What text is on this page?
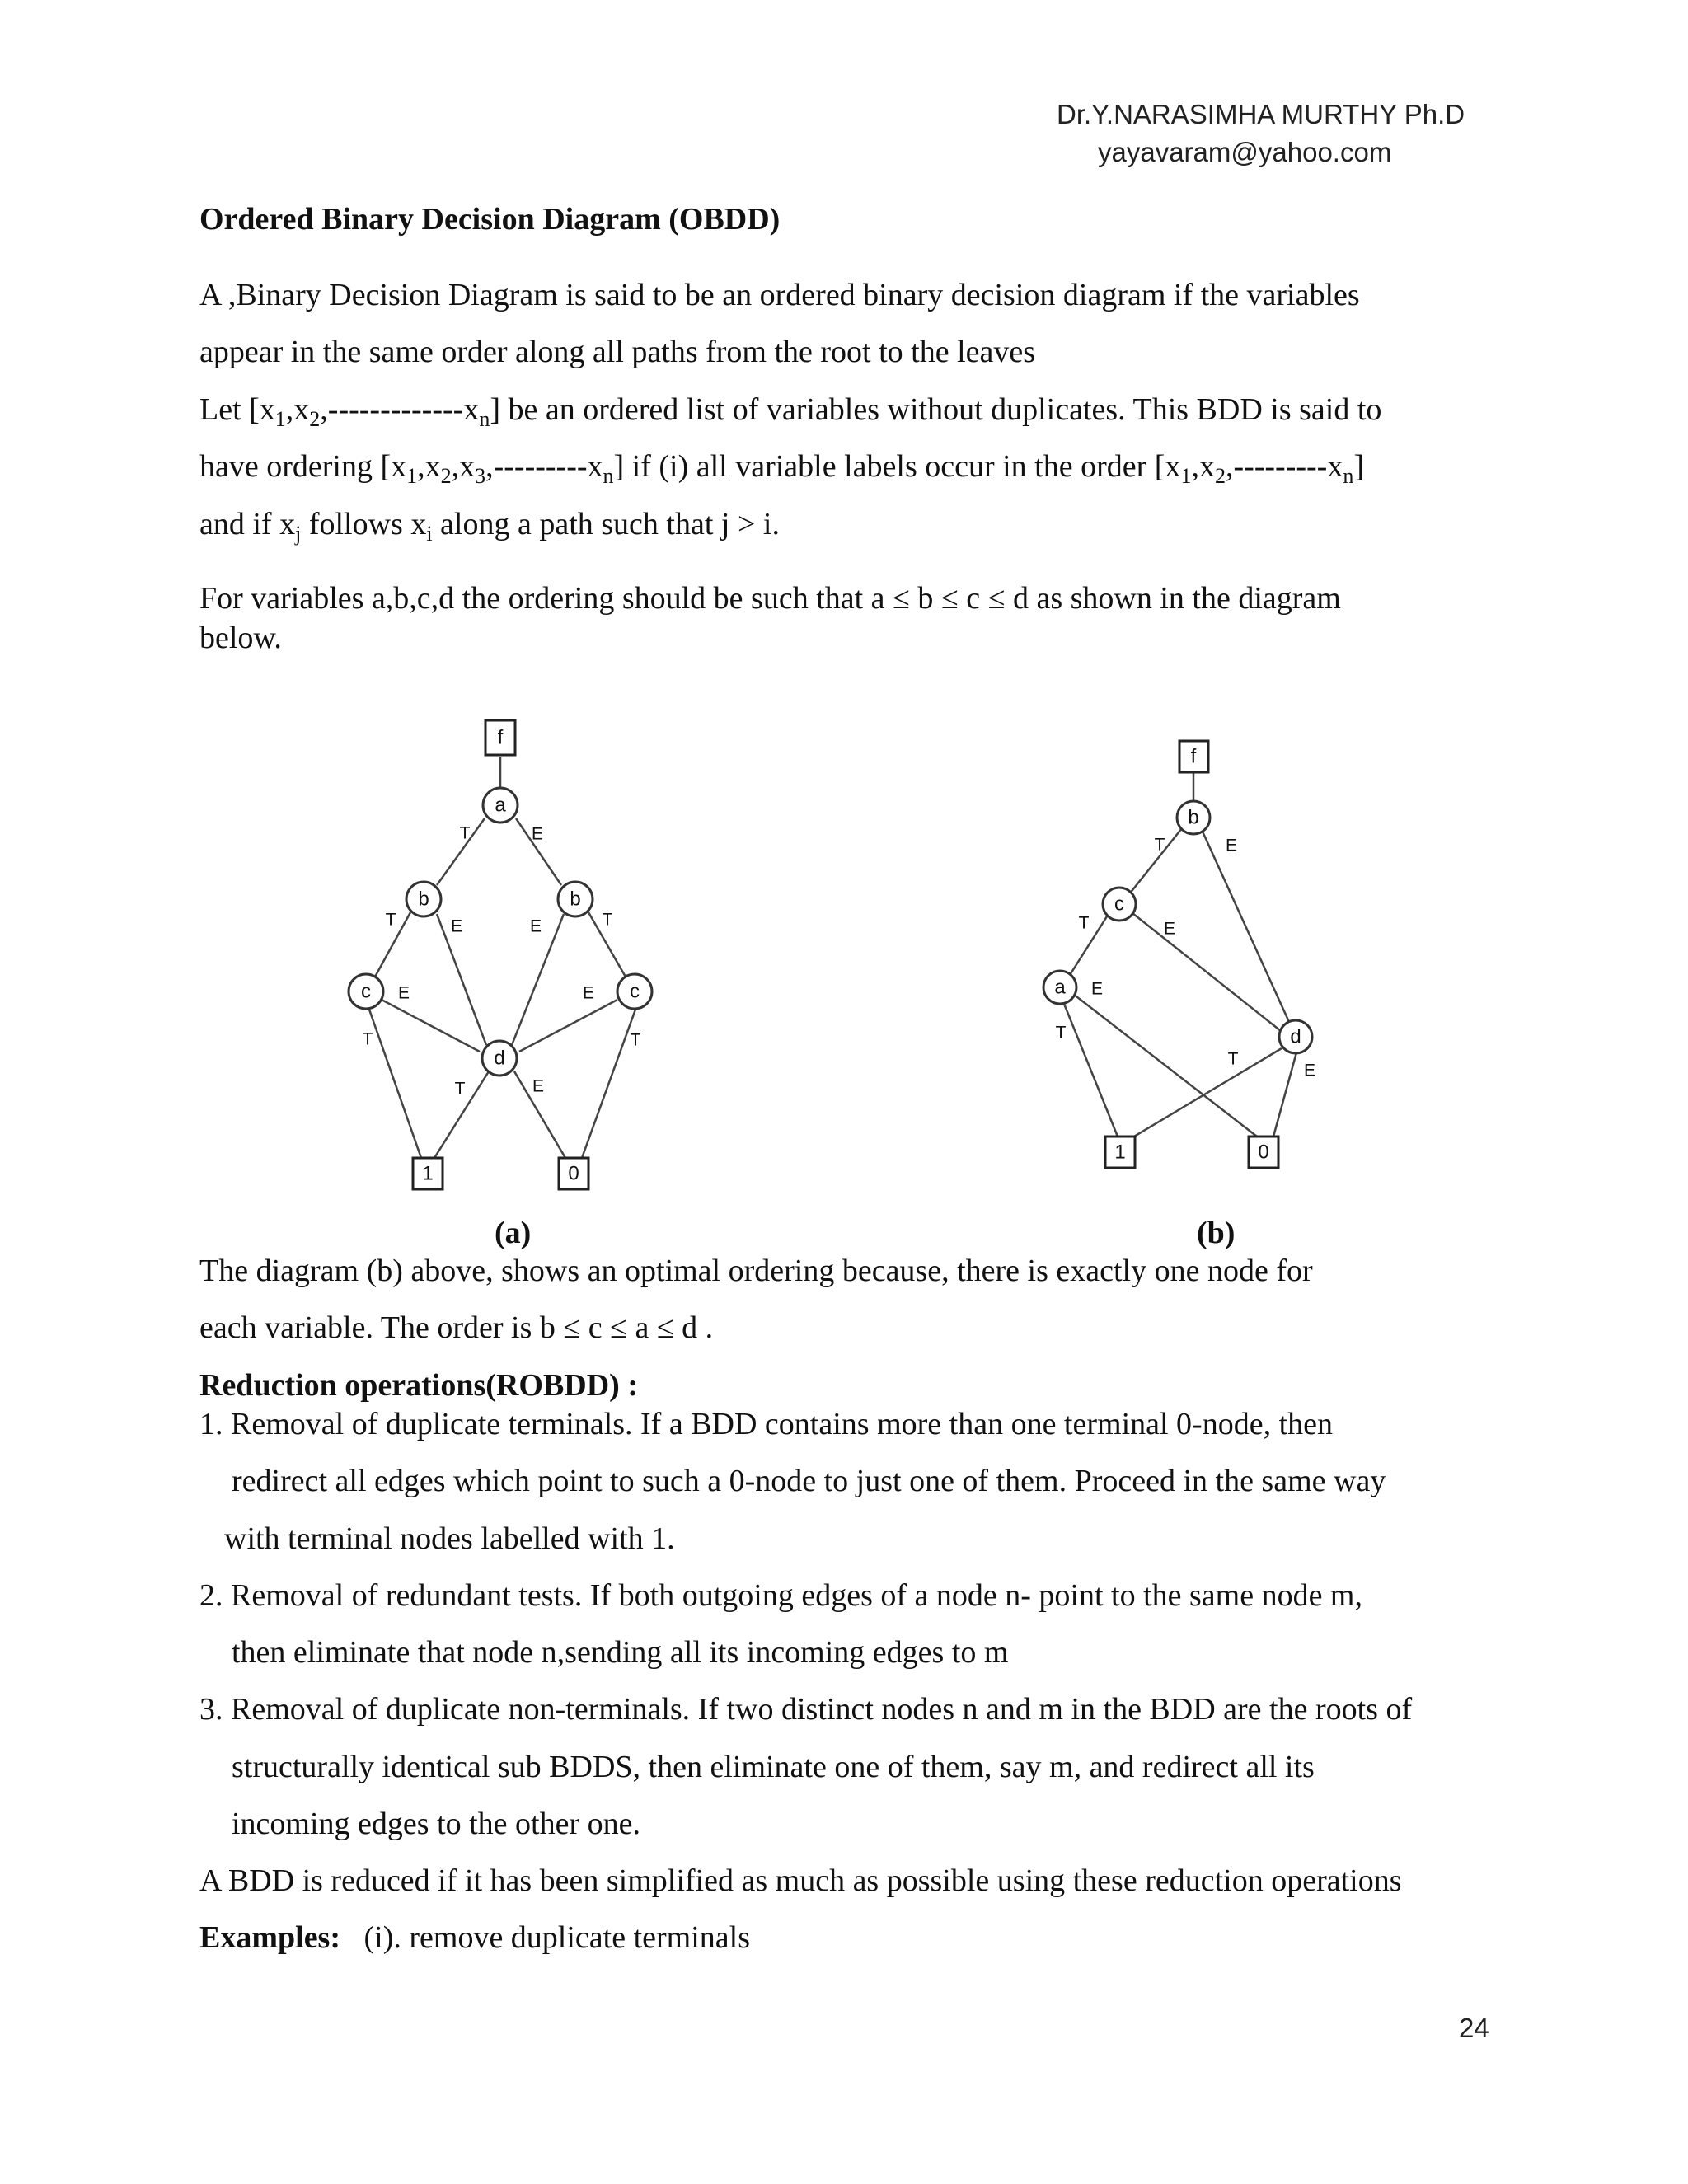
Dr.Y.NARASIMHA MURTHY Ph.D
yayavaram@yahoo.com
Ordered Binary Decision Diagram (OBDD)
A ,Binary Decision Diagram is said to be an ordered binary decision diagram if the variables
appear in the same order along all paths from the root to the leaves
Let $[x_1,x_2,-------------x_n]$ be an ordered list of variables without duplicates. This BDD is said to
have ordering $[x_1,x_2,x_3,---------x_n]$ if (i) all variable labels occur in the order $[x_1,x_2,---------x_n]$
and if $x_j$ follows $x_i$ along a path such that j > i.
For variables a,b,c,d the ordering should be such that a ≤ b ≤ c ≤ d as shown in the diagram
below.
T	E
T	E	E	T
E	E
T	T
T	E
f
a
b	b
c	c
d
1	0
T	E
T	E
E
T
T
E
f
b
c
a
d
1	0
(a)	(b)
The diagram (b) above, shows an optimal ordering because, there is exactly one node for
each variable. The order is b ≤ c ≤ a ≤ d .
Reduction operations(ROBDD) :
1. Removal of duplicate terminals. If a BDD contains more than one terminal 0-node, then
redirect all edges which point to such a 0-node to just one of them. Proceed in the same way
with terminal nodes labelled with 1.
2. Removal of redundant tests. If both outgoing edges of a node n- point to the same node m,
then eliminate that node n,sending all its incoming edges to m
3. Removal of duplicate non-terminals. If two distinct nodes n and m in the BDD are the roots of
structurally identical sub BDDS, then eliminate one of them, say m, and redirect all its
incoming edges to the other one.
A BDD is reduced if it has been simplified as much as possible using these reduction operations
Examples:   (i). remove duplicate terminals
24
